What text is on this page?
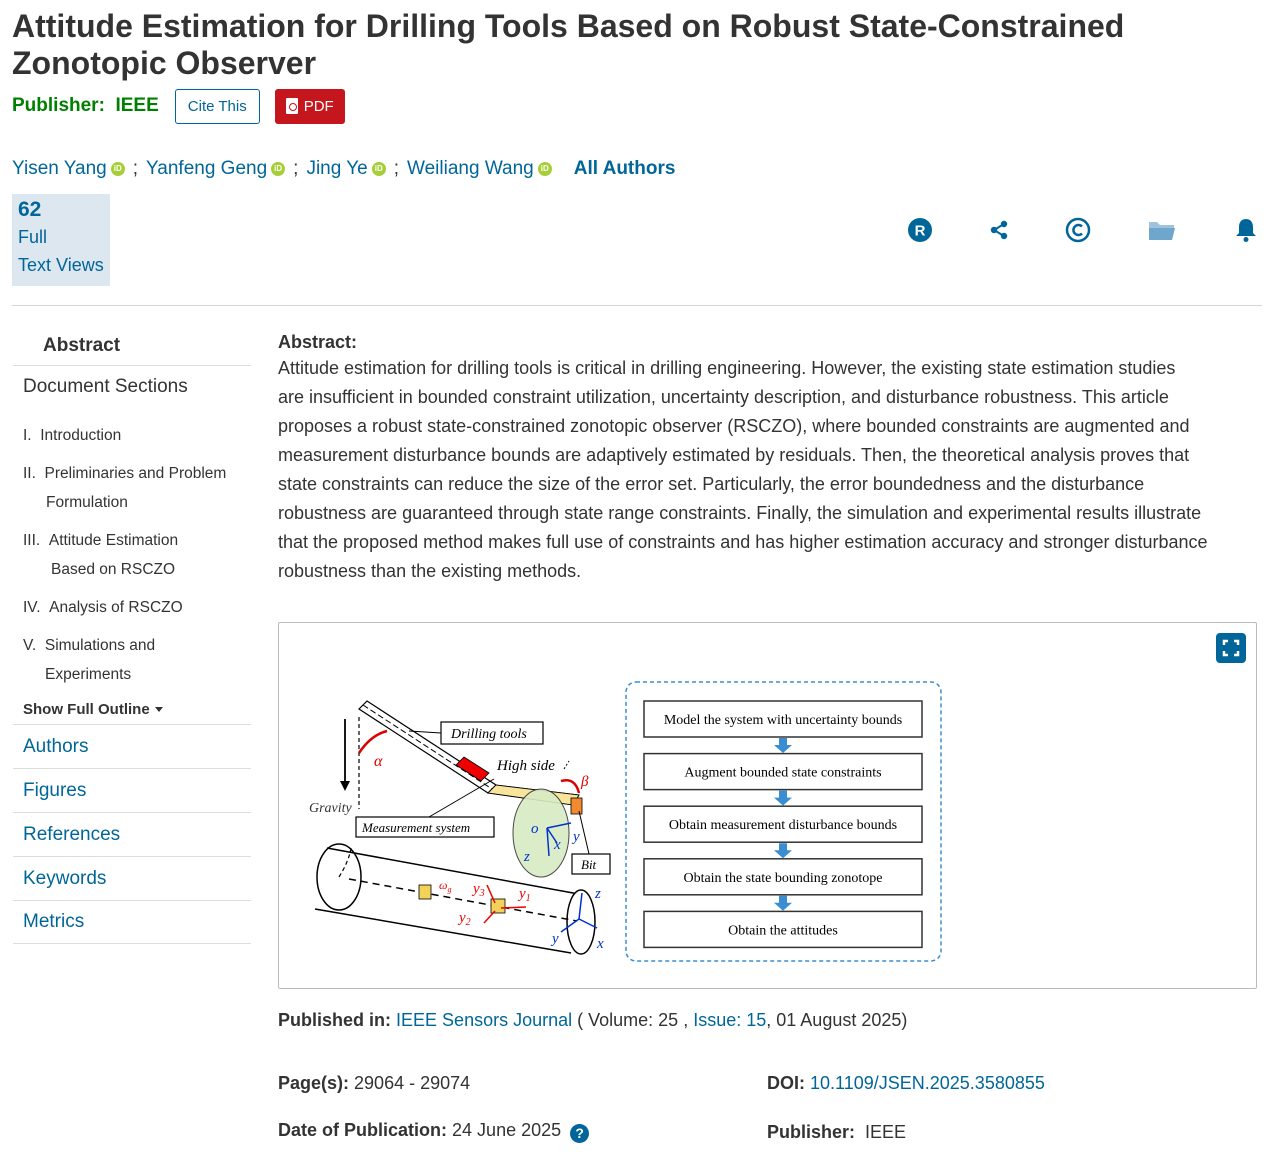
Attitude Estimation for Drilling Tools Based on Robust State-Constrained Zonotopic Observer
Publisher: IEEE	Cite This	PDF
Yisen Yang iD ; Yanfeng Geng iD ; Jing Ye iD ; Weiliang Wang iD All Authors
62
Full
Text Views
R
Abstract
Document Sections
I. Introduction
II. Preliminaries and Problem
Formulation
III. Attitude Estimation
Based on RSCZO
IV. Analysis of RSCZO
V. Simulations and
Experiments
Show Full Outline
Authors
Figures
References
Keywords
Metrics
Abstract:
Attitude estimation for drilling tools is critical in drilling engineering. However, the existing state estimation studies
are insufficient in bounded constraint utilization, uncertainty description, and disturbance robustness. This article
proposes a robust state-constrained zonotopic observer (RSCZO), where bounded constraints are augmented and
measurement disturbance bounds are adaptively estimated by residuals. Then, the theoretical analysis proves that
state constraints can reduce the size of the error set. Particularly, the error boundedness and the disturbance
robustness are guaranteed through state range constraints. Finally, the simulation and experimental results illustrate
that the proposed method makes full use of constraints and has higher estimation accuracy and stronger disturbance
robustness than the existing methods.
α
Gravity
β
Drilling tools
High side
Measurement system
Bit
o
x y
z
$\omega_g$ $y_3$ $y_1$
$y_2$
z
y	x
Model the system with uncertainty bounds
Augment bounded state constraints
Obtain measurement disturbance bounds
Obtain the state bounding zonotope
Obtain the attitudes
Published in: IEEE Sensors Journal ( Volume: 25 , Issue: 15, 01 August 2025)
Page(s): 29064 - 29074	DOI: 10.1109/JSEN.2025.3580855
Date of Publication: 24 June 2025 ?	Publisher: IEEE
